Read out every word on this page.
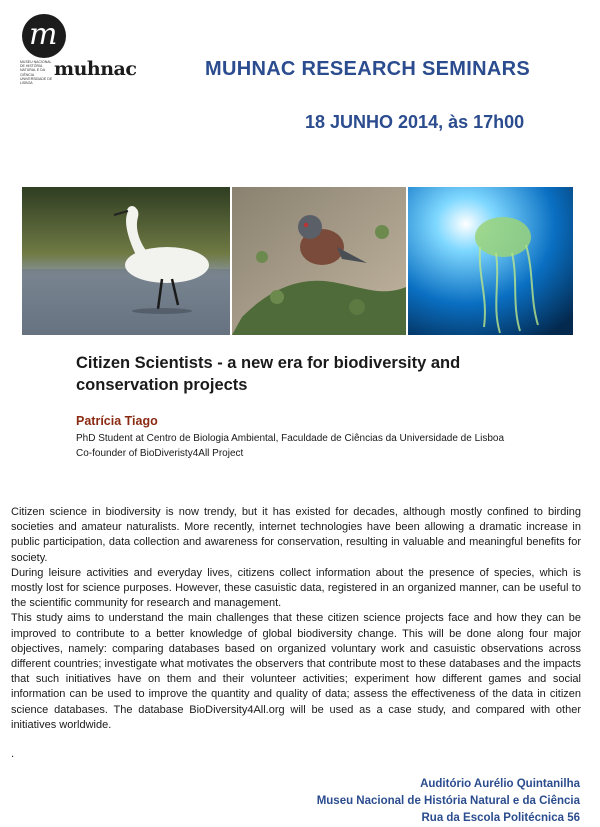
m
MUSEU NACIONAL DE HISTÓRIA NATURAL E DA CIÊNCIA UNIVERSIDADE DE LISBOA
muhnac	MUHNAC RESEARCH SEMINARS
18 JUNHO 2014, às 17h00
Citizen Scientists - a new era for biodiversity and conservation projects
Patrícia Tiago
PhD Student at Centro de Biologia Ambiental, Faculdade de Ciências da Universidade de Lisboa
Co-founder of BioDiveristy4All Project

Citizen science in biodiversity is now trendy, but it has existed for decades, although mostly confined to birding societies and amateur naturalists. More recently, internet technologies have been allowing a dramatic increase in public participation, data collection and awareness for conservation, resulting in valuable and meaningful benefits for society.

During leisure activities and everyday lives, citizens collect information about the presence of species, which is mostly lost for science purposes. However, these casuistic data, registered in an organized manner, can be useful to the scientific community for research and management.

This study aims to understand the main challenges that these citizen science projects face and how they can be improved to contribute to a better knowledge of global biodiversity change. This will be done along four major objectives, namely: comparing databases based on organized voluntary work and casuistic observations across different countries; investigate what motivates the observers that contribute most to these databases and the impacts that such initiatives have on them and their volunteer activities; experiment how different games and social information can be used to improve the quantity and quality of data; assess the effectiveness of the data in citizen science databases. The database BioDiversity4All.org will be used as a case study, and compared with other initiatives worldwide.

.
Auditório Aurélio Quintanilha
Museu Nacional de História Natural e da Ciência
Rua da Escola Politécnica 56
